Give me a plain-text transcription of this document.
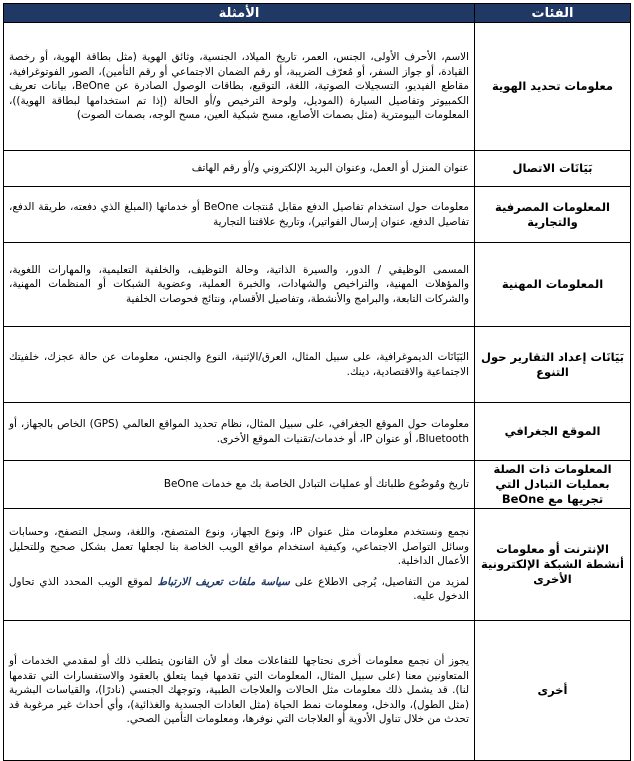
الفئات	الأمثلة
معلومات تحديد الهوية	الاسم، الأحرف الأولى، الجنس، العمر، تاريخ الميلاد، الجنسية، وثائق الهوية (مثل بطاقة الهوية، أو رخصة القيادة، أو جواز السفر، أو مُعرّف الضريبة، أو رقم الضمان الاجتماعي أو رقم التأمين)، الصور الفوتوغرافية، مقاطع الفيديو، التسجيلات الصوتية، اللغة، التوقيع، بطاقات الوصول الصادرة عن BeOne، بيانات تعريف الكمبيوتر وتفاصيل السيارة (الموديل، ولوحة الترخيص و/أو الحالة (إذا تم استخدامها لبطاقة الهوية))، المعلومات البيومترية (مثل بصمات الأصابع، مسح شبكية العين، مسح الوجه، بصمات الصوت)
بَيَانَات الاتصال	عنوان المنزل أو العمل، وعنوان البريد الإلكتروني و/أو رقم الهاتف
المعلومات المصرفية والتجارية	معلومات حول استخدام تفاصيل الدفع مقابل مُنتجات BeOne أو خدماتها (المبلغ الذي دفعته، طريقة الدفع، تفاصيل الدفع، عنوان إرسال الفواتير)، وتاريخ علاقتنا التجارية
المعلومات المهنية	المسمى الوظيفي / الدور، والسيرة الذاتية، وحالة التوظيف، والخلفية التعليمية، والمهارات اللغوية، والمؤهلات المهنية، والتراخيص والشهادات، والخبرة العملية، وعضوية الشبكات أو المنظمات المهنية، والشركات التابعة، والبرامج والأنشطة، وتفاصيل الأقسام، ونتائج فحوصات الخلفية
بَيَانَات إعداد التقارير حول التنوع	البَيَانَات الديموغرافية، على سبيل المثال، العرق/الإثنية، النوع والجنس، معلومات عن حالة عجزك، خلفيتك الاجتماعية والاقتصادية، دينك.
الموقع الجغرافي	معلومات حول الموقع الجغرافي، على سبيل المثال، نظام تحديد المواقع العالمي (GPS) الخاص بالجهاز، أو Bluetooth، أو عنوان IP، أو خدمات/تقنيات الموقع الأخرى.
المعلومات ذات الصلة بعمليات التبادل التي تجريها مع BeOne	تاريخ ومُوضُوع طلباتك أو عمليات التبادل الخاصة بك مع خدمات BeOne
الإنترنت أو معلومات أنشطة الشبكة الإلكترونية الأخرى	نجمع ونستخدم معلومات مثل عنوان IP، ونوع الجهاز، ونوع المتصفح، واللغة، وسجل التصفح، وحسابات وسائل التواصل الاجتماعي، وكيفية استخدام مواقع الويب الخاصة بنا لجعلها تعمل بشكل صحيح وللتحليل الأعمال الداخلية.

لمزيد من التفاصيل، يُرجى الاطلاع على سياسة ملفات تعريف الارتباط لموقع الويب المحدد الذي تحاول الدخول عليه.

أخرى	يجوز أن نجمع معلومات أخرى نحتاجها للتفاعلات معك أو لأن القانون يتطلب ذلك أو لمقدمي الخدمات أو المتعاونين معنا (على سبيل المثال، المعلومات التي تقدمها فيما يتعلق بالعقود والاستفسارات التي تقدمها لنا). قد يشمل ذلك معلومات مثل الحالات والعلاجات الطبية، وتوجهك الجنسي (نادرًا)، والقياسات البشرية (مثل الطول)، والدخل، ومعلومات نمط الحياة (مثل العادات الجسدية والغذائية)، وأي أحداث غير مرغوبة قد تحدث من خلال تناول الأدوية أو العلاجات التي نوفرها، ومعلومات التأمين الصحي.
